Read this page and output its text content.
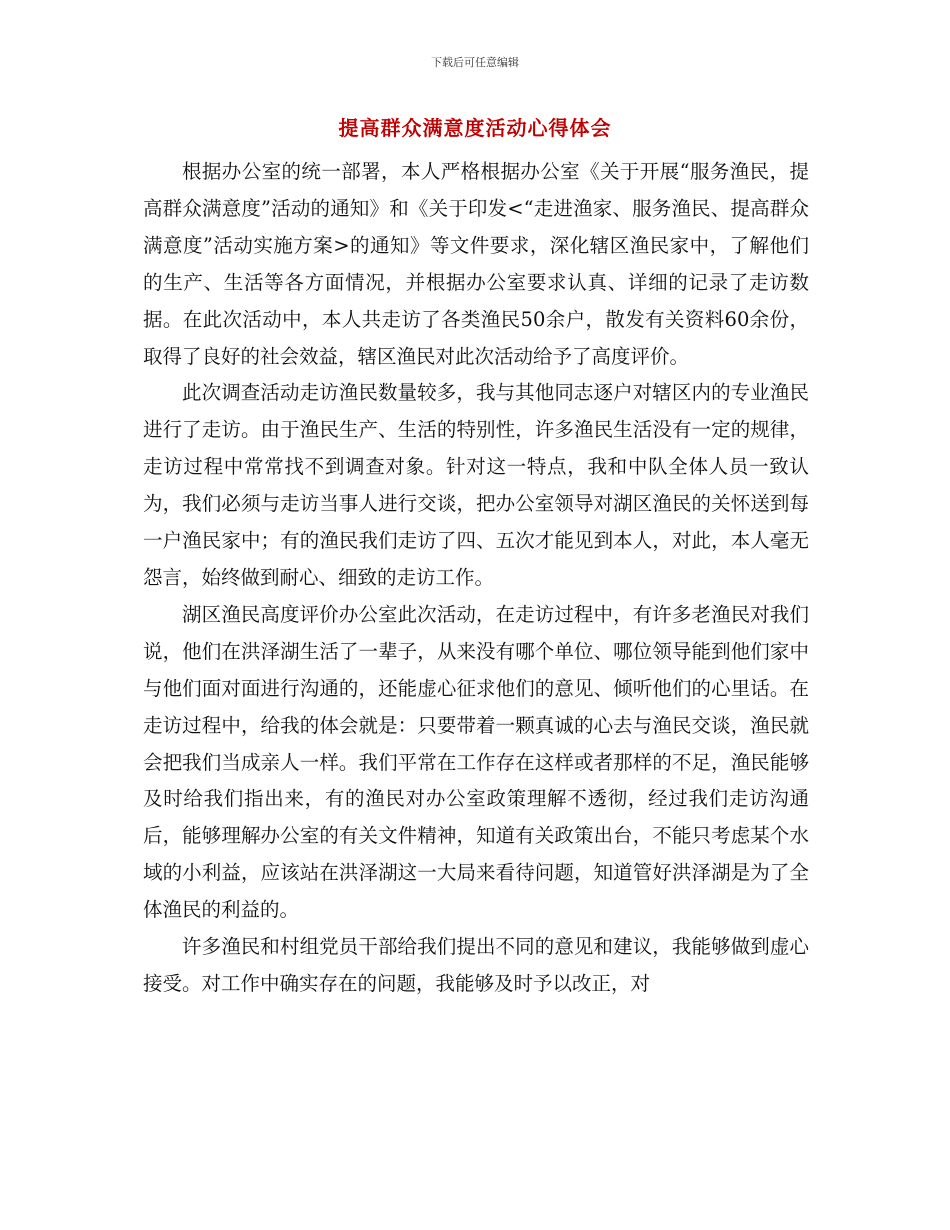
下载后可任意编辑
提高群众满意度活动心得体会

根据办公室的统一部署，本人严格根据办公室《关于开展“服务渔民，提高群众满意度”活动的通知》和《关于印发<“走进渔家、服务渔民、提高群众满意度”活动实施方案>的通知》等文件要求，深化辖区渔民家中，了解他们的生产、生活等各方面情况，并根据办公室要求认真、详细的记录了走访数据。在此次活动中，本人共走访了各类渔民50余户，散发有关资料60余份，取得了良好的社会效益，辖区渔民对此次活动给予了高度评价。

此次调查活动走访渔民数量较多，我与其他同志逐户对辖区内的专业渔民进行了走访。由于渔民生产、生活的特别性，许多渔民生活没有一定的规律，走访过程中常常找不到调查对象。针对这一特点，我和中队全体人员一致认为，我们必须与走访当事人进行交谈，把办公室领导对湖区渔民的关怀送到每一户渔民家中；有的渔民我们走访了四、五次才能见到本人，对此，本人毫无怨言，始终做到耐心、细致的走访工作。

湖区渔民高度评价办公室此次活动，在走访过程中，有许多老渔民对我们说，他们在洪泽湖生活了一辈子，从来没有哪个单位、哪位领导能到他们家中与他们面对面进行沟通的，还能虚心征求他们的意见、倾听他们的心里话。在走访过程中，给我的体会就是：只要带着一颗真诚的心去与渔民交谈，渔民就会把我们当成亲人一样。我们平常在工作存在这样或者那样的不足，渔民能够及时给我们指出来，有的渔民对办公室政策理解不透彻，经过我们走访沟通后，能够理解办公室的有关文件精神，知道有关政策出台，不能只考虑某个水域的小利益，应该站在洪泽湖这一大局来看待问题，知道管好洪泽湖是为了全体渔民的利益的。

许多渔民和村组党员干部给我们提出不同的意见和建议，我能够做到虚心接受。对工作中确实存在的问题，我能够及时予以改正，对
